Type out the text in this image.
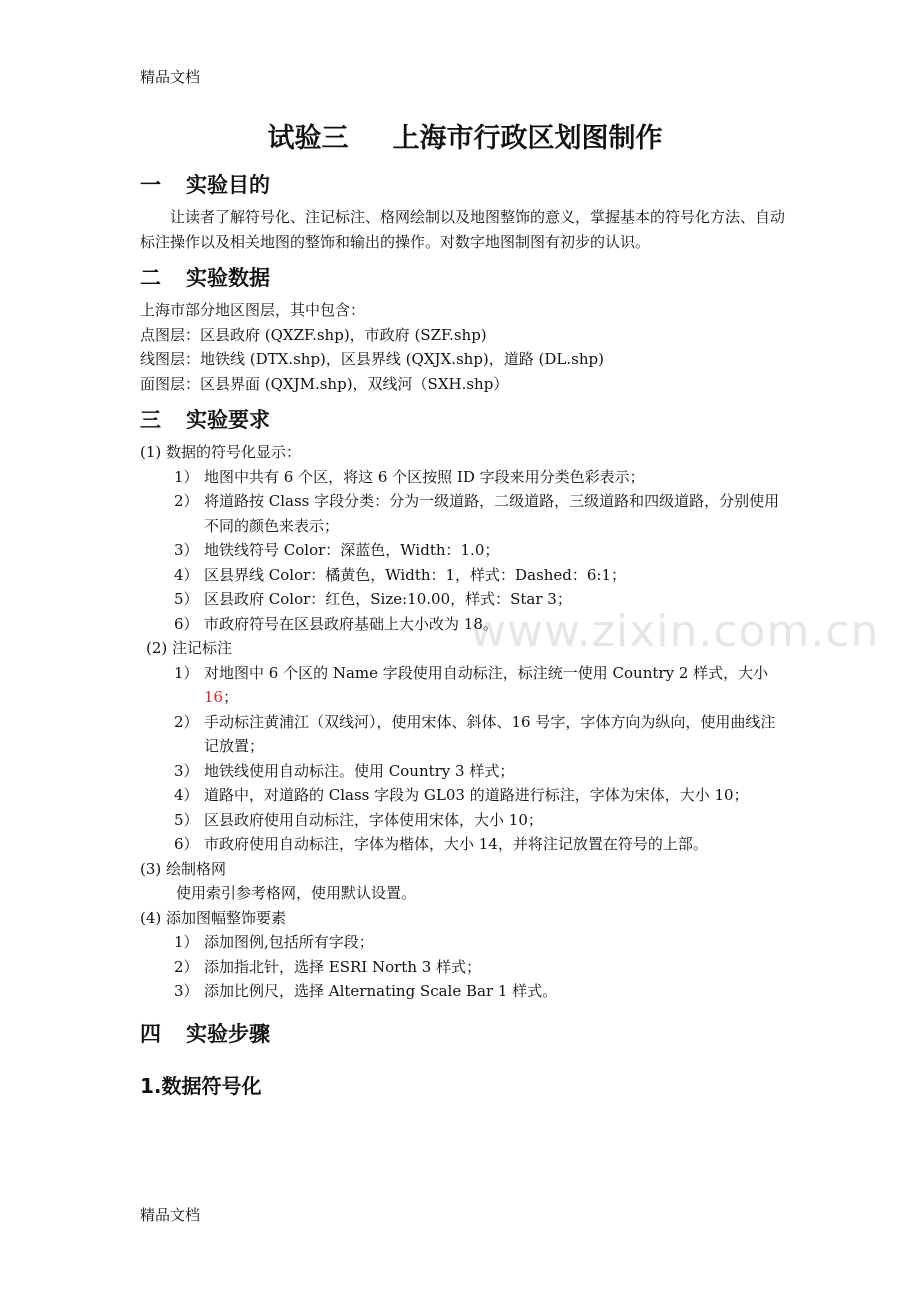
精品文档
www.zixin.com.cn
试验三 上海市行政区划图制作
一 实验目的

让读者了解符号化、注记标注、格网绘制以及地图整饰的意义，掌握基本的符号化方法、自动标注操作以及相关地图的整饰和输出的操作。对数字地图制图有初步的认识。

二 实验数据

上海市部分地区图层，其中包含：

点图层：区县政府 (QXZF.shp)，市政府 (SZF.shp)

线图层：地铁线 (DTX.shp)，区县界线 (QXJX.shp)，道路 (DL.shp)

面图层：区县界面 (QXJM.shp)，双线河（SXH.shp）

三 实验要求

(1) 数据的符号化显示：

1） 地图中共有 6 个区，将这 6 个区按照 ID 字段来用分类色彩表示；
2） 将道路按 Class 字段分类：分为一级道路，二级道路，三级道路和四级道路，分别使用不同的颜色来表示；
3） 地铁线符号 Color：深蓝色，Width：1.0；
4） 区县界线 Color：橘黄色，Width：1，样式：Dashed：6:1；
5） 区县政府 Color：红色，Size:10.00，样式：Star 3；
6） 市政府符号在区县政府基础上大小改为 18。

(2) 注记标注

1） 对地图中 6 个区的 Name 字段使用自动标注，标注统一使用 Country 2 样式，大小 16；
2） 手动标注黄浦江（双线河），使用宋体、斜体、16 号字，字体方向为纵向，使用曲线注记放置；
3） 地铁线使用自动标注。使用 Country 3 样式；
4） 道路中，对道路的 Class 字段为 GL03 的道路进行标注，字体为宋体，大小 10；
5） 区县政府使用自动标注，字体使用宋体，大小 10；
6） 市政府使用自动标注，字体为楷体，大小 14，并将注记放置在符号的上部。

(3) 绘制格网

使用索引参考格网，使用默认设置。

(4) 添加图幅整饰要素

1） 添加图例,包括所有字段；
2） 添加指北针，选择 ESRI North 3 样式；
3） 添加比例尺，选择 Alternating Scale Bar 1 样式。
四 实验步骤
1.数据符号化
精品文档
